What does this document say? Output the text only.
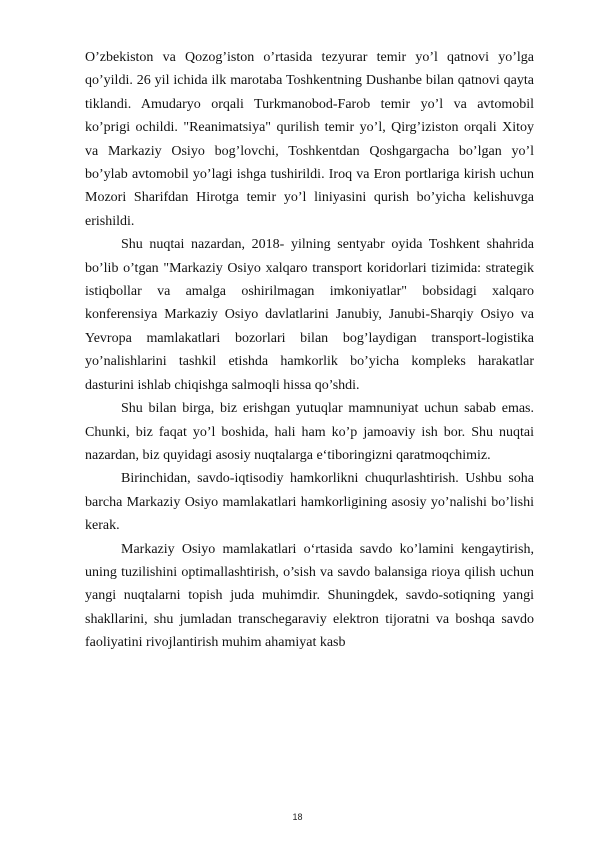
O’zbekiston va Qozog’iston o’rtasida tezyurar temir yo’l qatnovi yo’lga qo’yildi. 26 yil ichida ilk marotaba Toshkentning Dushanbe bilan qatnovi qayta tiklandi. Amudaryo orqali Turkmanobod-Farob temir yo’l va avtomobil ko’prigi ochildi. "Reanimatsiya" qurilish temir yo’l, Qirg’iziston orqali Xitoy va Markaziy Osiyo bog’lovchi, Toshkentdan Qoshgargacha bo’lgan yo’l bo’ylab avtomobil yo’lagi ishga tushirildi. Iroq va Eron portlariga kirish uchun Mozori Sharifdan Hirotga temir yo’l liniyasini qurish bo’yicha kelishuvga erishildi.

Shu nuqtai nazardan, 2018- yilning sentyabr oyida Toshkent shahrida bo’lib o’tgan "Markaziy Osiyo xalqaro transport koridorlari tizimida: strategik istiqbollar va amalga oshirilmagan imkoniyatlar" bobsidagi xalqaro konferensiya Markaziy Osiyo davlatlarini Janubiy, Janubi-Sharqiy Osiyo va Yevropa mamlakatlari bozorlari bilan bog’laydigan transport-logistika yo’nalishlarini tashkil etishda hamkorlik bo’yicha kompleks harakatlar dasturini ishlab chiqishga salmoqli hissa qo’shdi.

Shu bilan birga, biz erishgan yutuqlar mamnuniyat uchun sabab emas. Chunki, biz faqat yo’l boshida, hali ham ko’p jamoaviy ish bor. Shu nuqtai nazardan, biz quyidagi asosiy nuqtalarga e‘tiboringizni qaratmoqchimiz.

Birinchidan, savdo-iqtisodiy hamkorlikni chuqurlashtirish. Ushbu soha barcha Markaziy Osiyo mamlakatlari hamkorligining asosiy yo’nalishi bo’lishi kerak.

Markaziy Osiyo mamlakatlari o‘rtasida savdo ko’lamini kengaytirish, uning tuzilishini optimallashtirish, o’sish va savdo balansiga rioya qilish uchun yangi nuqtalarni topish juda muhimdir. Shuningdek, savdo-sotiqning yangi shakllarini, shu jumladan transchegaraviy elektron tijoratni va boshqa savdo faoliyatini rivojlantirish muhim ahamiyat kasb

18
